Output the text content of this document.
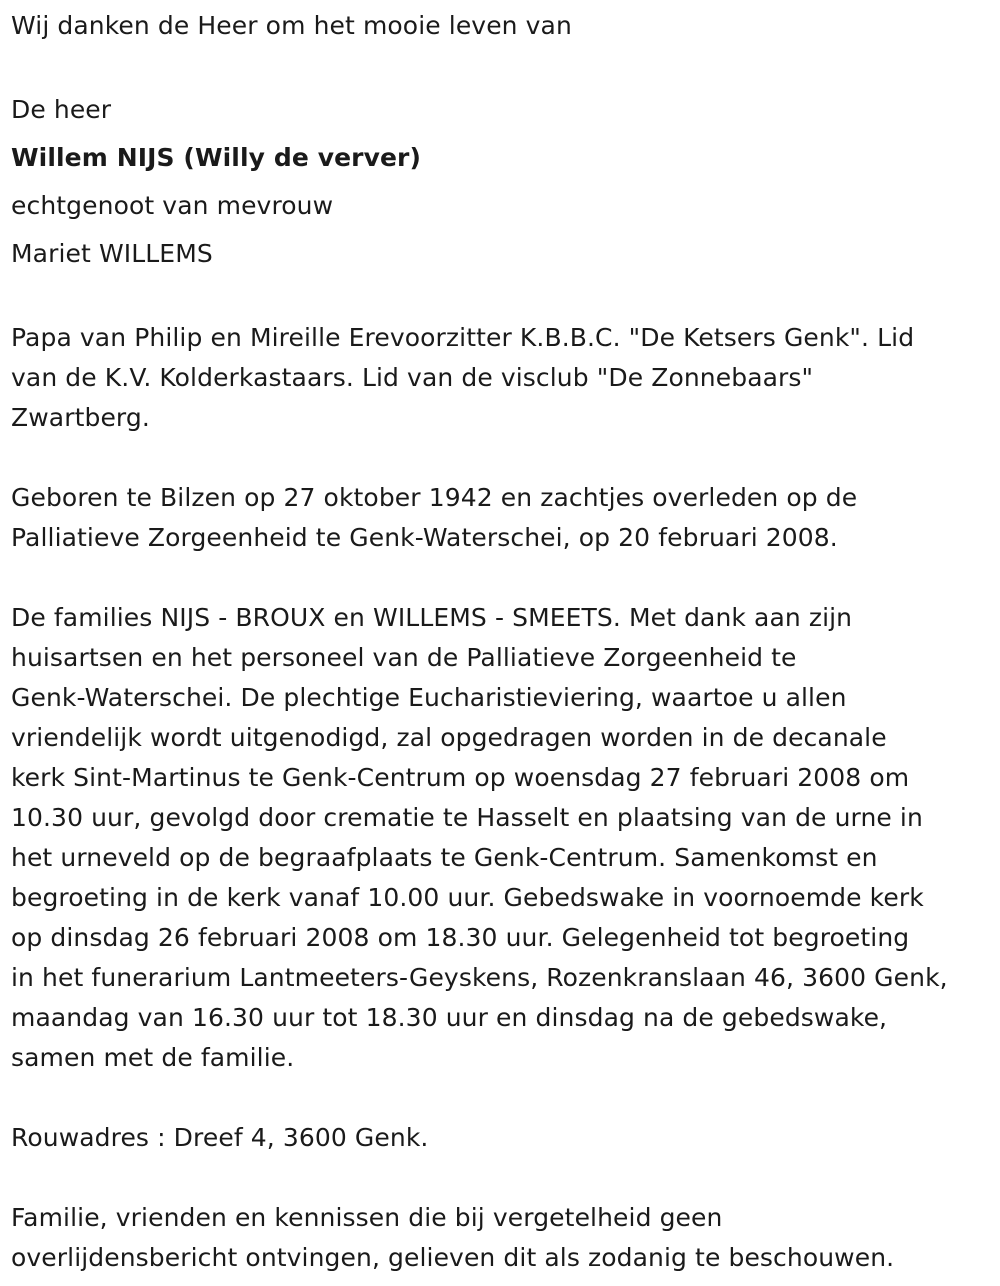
Wij danken de Heer om het mooie leven van
De heer
Willem NIJS (Willy de verver)
echtgenoot van mevrouw
Mariet WILLEMS
Papa van Philip en Mireille Erevoorzitter K.B.B.C. "De Ketsers Genk". Lid
van de K.V. Kolderkastaars. Lid van de visclub "De Zonnebaars"
Zwartberg.
Geboren te Bilzen op 27 oktober 1942 en zachtjes overleden op de
Palliatieve Zorgeenheid te Genk-Waterschei, op 20 februari 2008.
De families NIJS - BROUX en WILLEMS - SMEETS. Met dank aan zijn
huisartsen en het personeel van de Palliatieve Zorgeenheid te
Genk-Waterschei. De plechtige Eucharistieviering, waartoe u allen
vriendelijk wordt uitgenodigd, zal opgedragen worden in de decanale
kerk Sint-Martinus te Genk-Centrum op woensdag 27 februari 2008 om
10.30 uur, gevolgd door crematie te Hasselt en plaatsing van de urne in
het urneveld op de begraafplaats te Genk-Centrum. Samenkomst en
begroeting in de kerk vanaf 10.00 uur. Gebedswake in voornoemde kerk
op dinsdag 26 februari 2008 om 18.30 uur. Gelegenheid tot begroeting
in het funerarium Lantmeeters-Geyskens, Rozenkranslaan 46, 3600 Genk,
maandag van 16.30 uur tot 18.30 uur en dinsdag na de gebedswake,
samen met de familie.
Rouwadres : Dreef 4, 3600 Genk.
Familie, vrienden en kennissen die bij vergetelheid geen
overlijdensbericht ontvingen, gelieven dit als zodanig te beschouwen.
